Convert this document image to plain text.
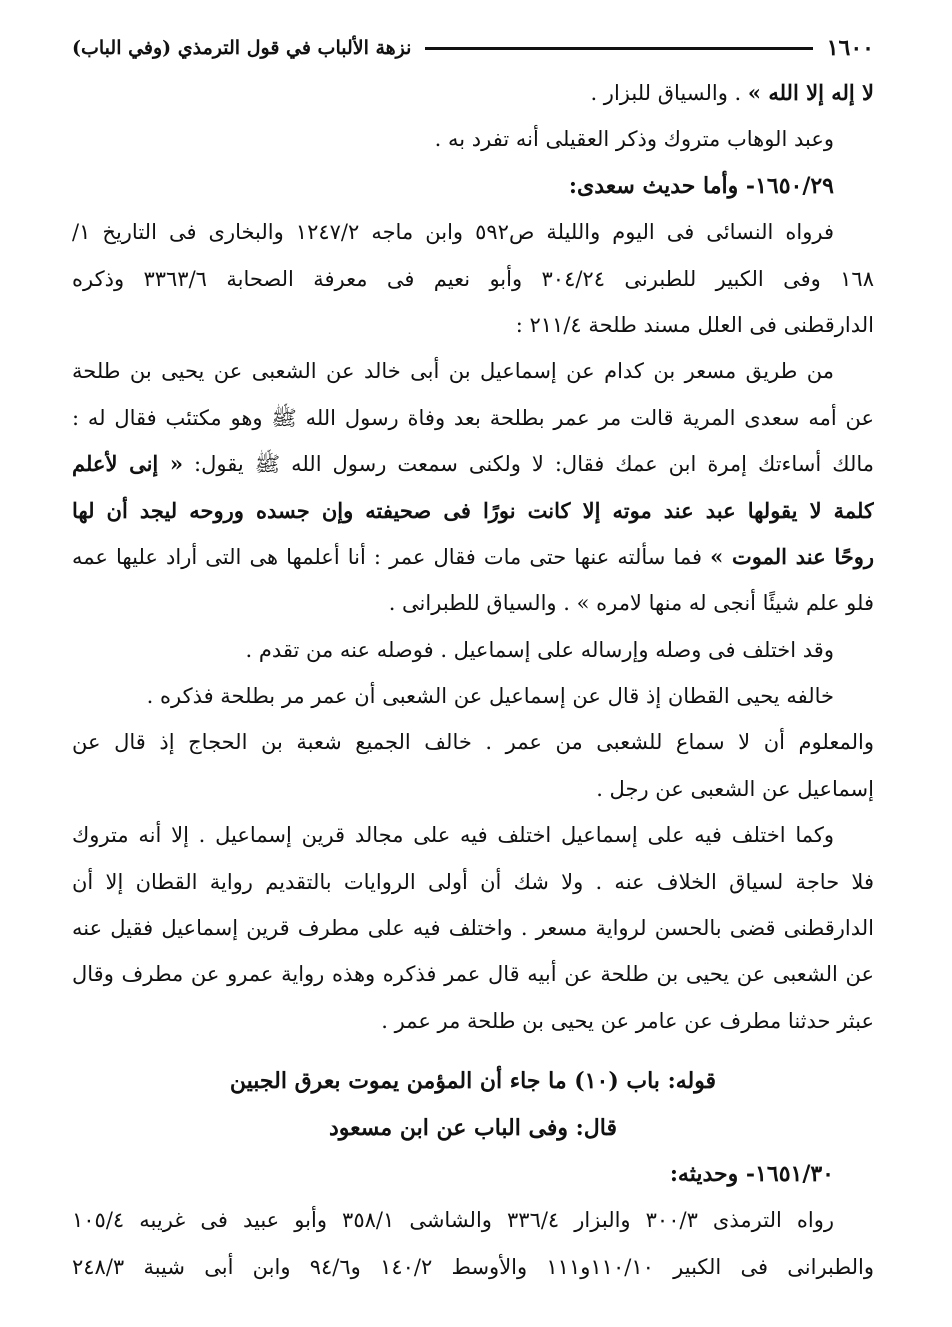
١٦٠٠
نزهة الألباب في قول الترمذي (وفي الباب)
لا إله إلا الله » . والسياق للبزار .
وعبد الوهاب متروك وذكر العقيلى أنه تفرد به .
١٦٥٠/٢٩- وأما حديث سعدى:
فرواه النسائى فى اليوم والليلة ص٥٩٢ وابن ماجه ١٢٤٧/٢ والبخارى فى التاريخ ١/
١٦٨ وفى الكبير للطبرنى ٣٠٤/٢٤ وأبو نعيم فى معرفة الصحابة ٣٣٦٣/٦ وذكره
الدارقطنى فى العلل مسند طلحة ٢١١/٤ :
من طريق مسعر بن كدام عن إسماعيل بن أبى خالد عن الشعبى عن يحيى بن طلحة
عن أمه سعدى المرية قالت مر عمر بطلحة بعد وفاة رسول الله ﷺ وهو مكتئب فقال له :
مالك أساءتك إمرة ابن عمك فقال: لا ولكنى سمعت رسول الله ﷺ يقول: « إنى لأعلم
كلمة لا يقولها عبد عند موته إلا كانت نورًا فى صحيفته وإن جسده وروحه ليجد أن لها
روحًا عند الموت » فما سألته عنها حتى مات فقال عمر : أنا أعلمها هى التى أراد عليها عمه
فلو علم شيئًا أنجى له منها لامره » . والسياق للطبرانى .
وقد اختلف فى وصله وإرساله على إسماعيل . فوصله عنه من تقدم .
خالفه يحيى القطان إذ قال عن إسماعيل عن الشعبى أن عمر مر بطلحة فذكره .
والمعلوم أن لا سماع للشعبى من عمر . خالف الجميع شعبة بن الحجاج إذ قال عن
إسماعيل عن الشعبى عن رجل .
وكما اختلف فيه على إسماعيل اختلف فيه على مجالد قرين إسماعيل . إلا أنه متروك
فلا حاجة لسياق الخلاف عنه . ولا شك أن أولى الروايات بالتقديم رواية القطان إلا أن
الدارقطنى قضى بالحسن لرواية مسعر . واختلف فيه على مطرف قرين إسماعيل فقيل عنه
عن الشعبى عن يحيى بن طلحة عن أبيه قال عمر فذكره وهذه رواية عمرو عن مطرف وقال
عبثر حدثنا مطرف عن عامر عن يحيى بن طلحة مر عمر .
قوله: باب (١٠) ما جاء أن المؤمن يموت بعرق الجبين
قال: وفى الباب عن ابن مسعود
١٦٥١/٣٠- وحديثه:
رواه الترمذى ٣٠٠/٣ والبزار ٣٣٦/٤ والشاشى ٣٥٨/١ وأبو عبيد فى غريبه ١٠٥/٤
والطبرانى فى الكبير ١١٠/١٠و١١١ والأوسط ١٤٠/٢ و٩٤/٦ وابن أبى شيبة ٢٤٨/٣
